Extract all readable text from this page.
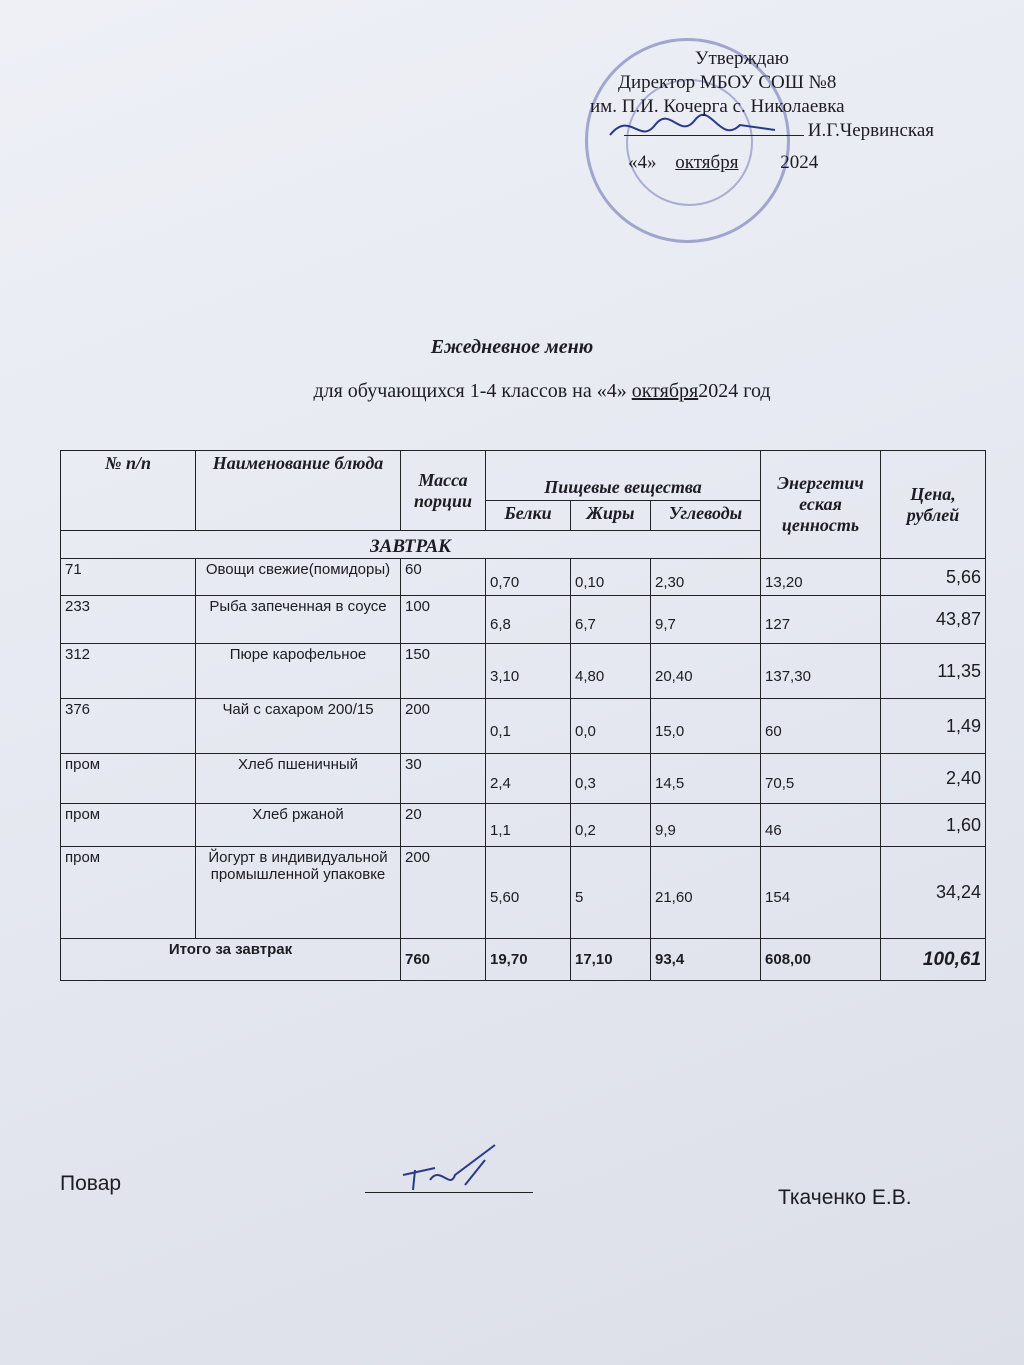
Утверждаю
Директор МБОУ СОШ №8
им. П.И. Кочерга с. Николаевка
И.Г.Червинская
«4» октября 2024
Ежедневное меню
для обучающихся 1-4 классов на «4» октября2024 год
№ п/п	Наименование блюда	Масса порции	Пищевые вещества			Энергетич еская ценность	Цена, рублей
			Белки	Жиры	Углеводы		
ЗАВТРАК							
71	Овощи свежие(помидоры)	60	0,70	0,10	2,30	13,20	5,66
233	Рыба запеченная в соусе	100	6,8	6,7	9,7	127	43,87
312	Пюре карофельное	150	3,10	4,80	20,40	137,30	11,35
376	Чай с сахаром 200/15	200	0,1	0,0	15,0	60	1,49
пром	Хлеб пшеничный	30	2,4	0,3	14,5	70,5	2,40
пром	Хлеб ржаной	20	1,1	0,2	9,9	46	1,60
пром	Йогурт в индивидуальной промышленной упаковке	200	5,60	5	21,60	154	34,24
Итого за завтрак		760	19,70	17,10	93,4	608,00	100,61
Повар
Ткаченко Е.В.
